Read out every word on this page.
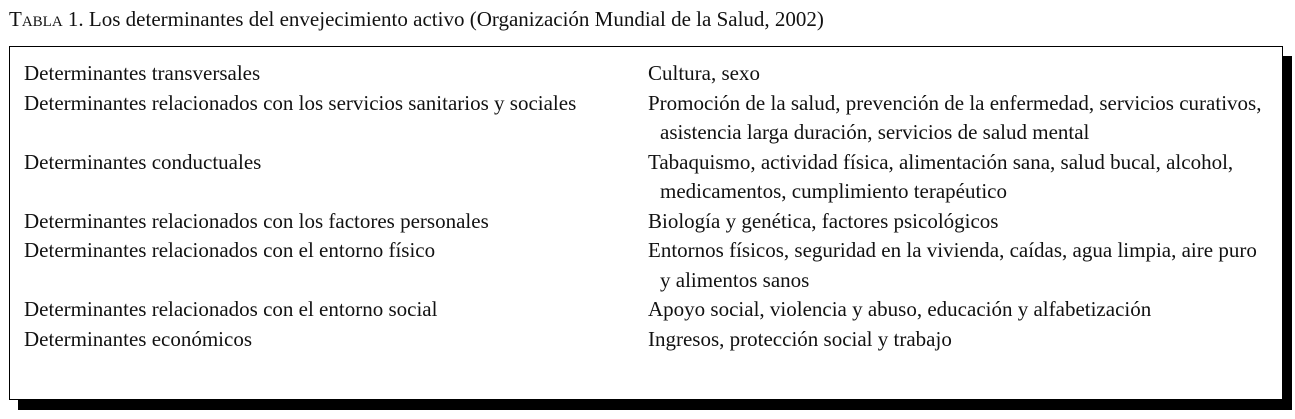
Tabla 1. Los determinantes del envejecimiento activo (Organización Mundial de la Salud, 2002)
Determinantes transversales	Cultura, sexo

Determinantes relacionados con los servicios sanitarios y sociales	Promoción de la salud, prevención de la enfermedad, servicios curativos, asistencia larga duración, servicios de salud mental

Determinantes conductuales	Tabaquismo, actividad física, alimentación sana, salud bucal, alcohol, medicamentos, cumplimiento terapéutico

Determinantes relacionados con los factores personales	Biología y genética, factores psicológicos

Determinantes relacionados con el entorno físico	Entornos físicos, seguridad en la vivienda, caídas, agua limpia, aire puro y alimentos sanos

Determinantes relacionados con el entorno social	Apoyo social, violencia y abuso, educación y alfabetización

Determinantes económicos	Ingresos, protección social y trabajo
